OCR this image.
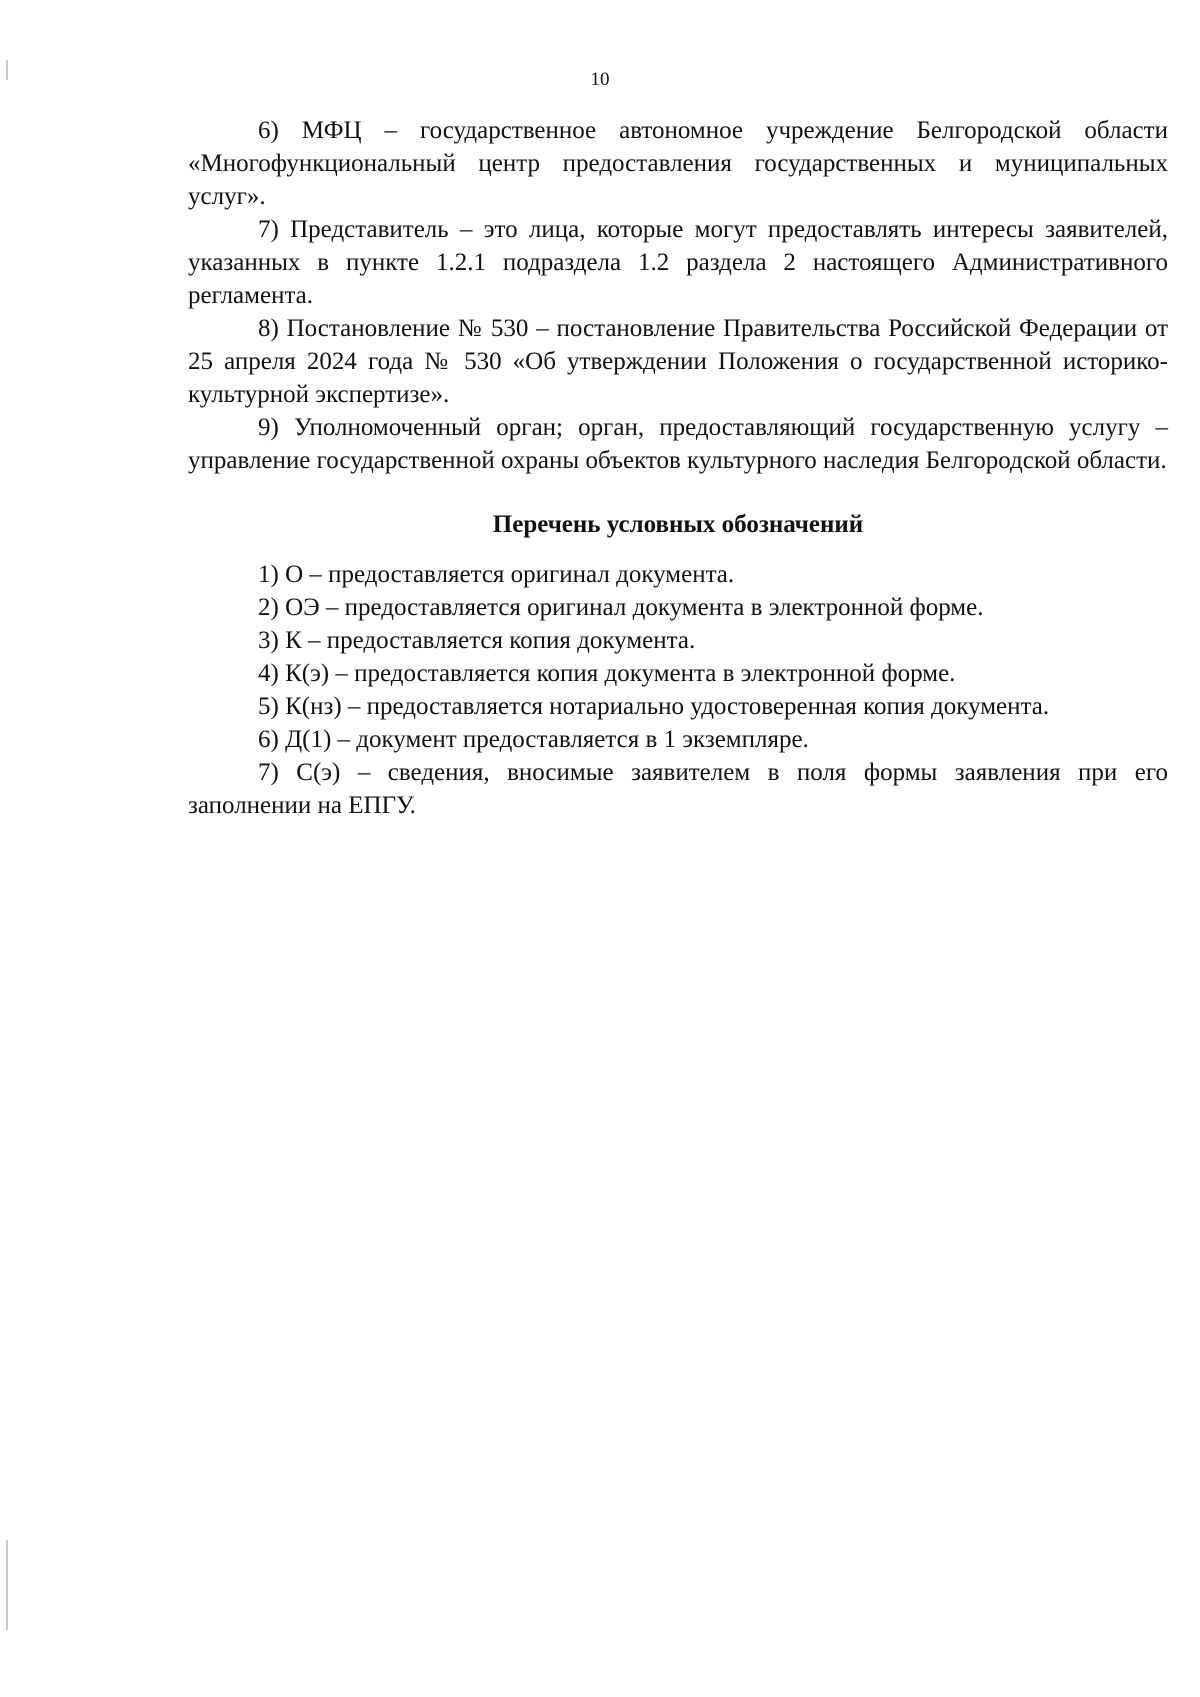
10

6) МФЦ – государственное автономное учреждение Белгородской области «Многофункциональный центр предоставления государственных и муниципальных услуг».

7) Представитель – это лица, которые могут предоставлять интересы заявителей, указанных в пункте 1.2.1 подраздела 1.2 раздела 2 настоящего Административного регламента.

8) Постановление № 530 – постановление Правительства Российской Федерации от 25 апреля 2024 года № 530 «Об утверждении Положения о государственной историко-культурной экспертизе».

9) Уполномоченный орган; орган, предоставляющий государственную услугу – управление государственной охраны объектов культурного наследия Белгородской области.

Перечень условных обозначений

1) О – предоставляется оригинал документа.

2) ОЭ – предоставляется оригинал документа в электронной форме.

3) К – предоставляется копия документа.

4) К(э) – предоставляется копия документа в электронной форме.

5) К(нз) – предоставляется нотариально удостоверенная копия документа.

6) Д(1) – документ предоставляется в 1 экземпляре.

7) С(э) – сведения, вносимые заявителем в поля формы заявления при его заполнении на ЕПГУ.
